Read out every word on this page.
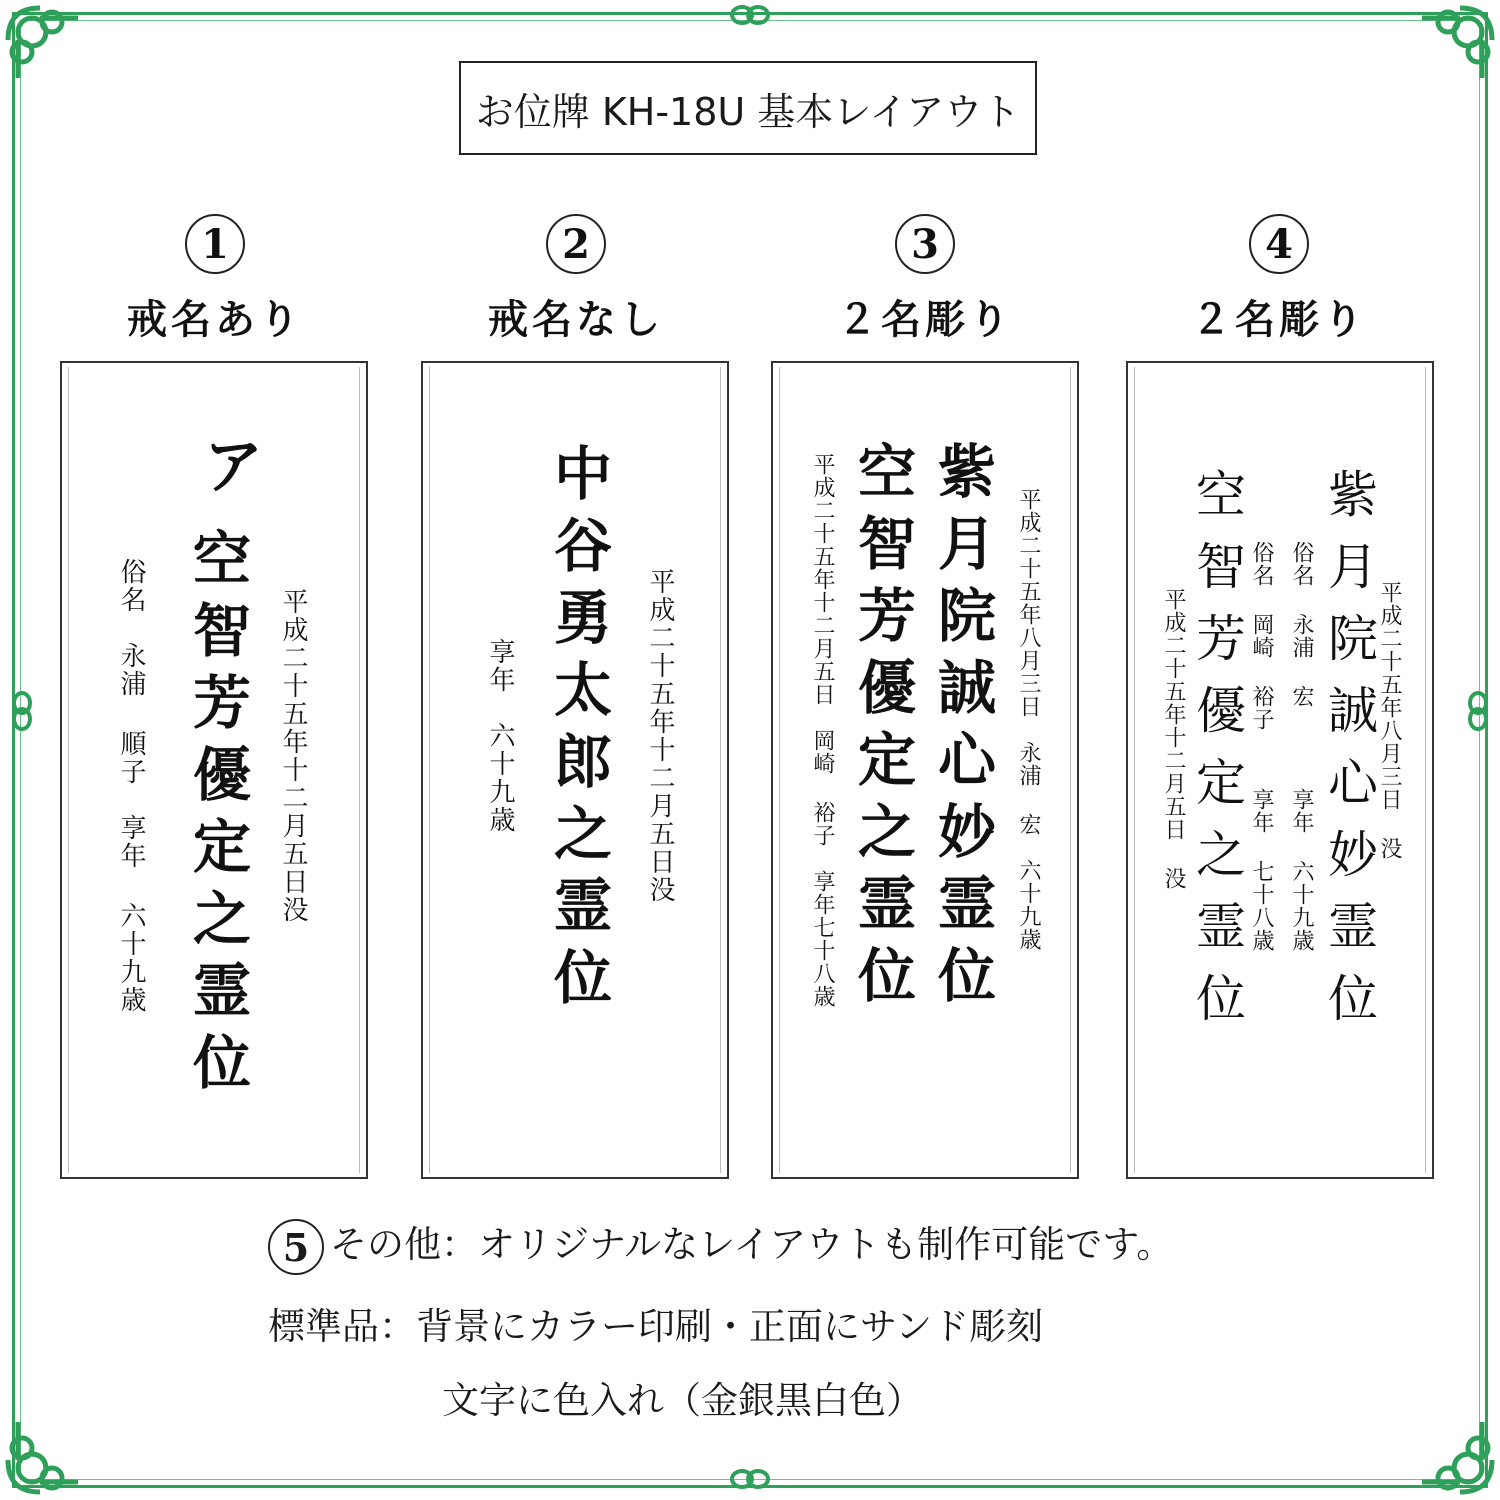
お位牌 KH-18U 基本レイアウト
1
戒名あり
2
戒名なし
3
２名彫り
4
２名彫り
ア
空智芳優定之霊位 平成二十五年十二月五日没
俗名　永浦 順子　享年 六十九歳	中谷勇太郎之霊位 平成二十五年十二月五日没
享年　六十九歳	紫月院誠心妙霊位
空智芳優定之霊位	平成二十五年八月三日　永浦 宏　六十九歳
平成二十五年十二月五日　岡崎 裕子　享年七十八歳	紫月院誠心妙霊位
空智芳優定之霊位	平成二十五年八月三日 没
平成二十五年十二月五日 没	俗名 永浦 宏
享年 六十九歳
俗名 岡崎 裕子
享年 七十八歳
5 その他：オリジナルなレイアウトも制作可能です。
標準品：背景にカラー印刷・正面にサンド彫刻
文字に色入れ（金銀黒白色）
